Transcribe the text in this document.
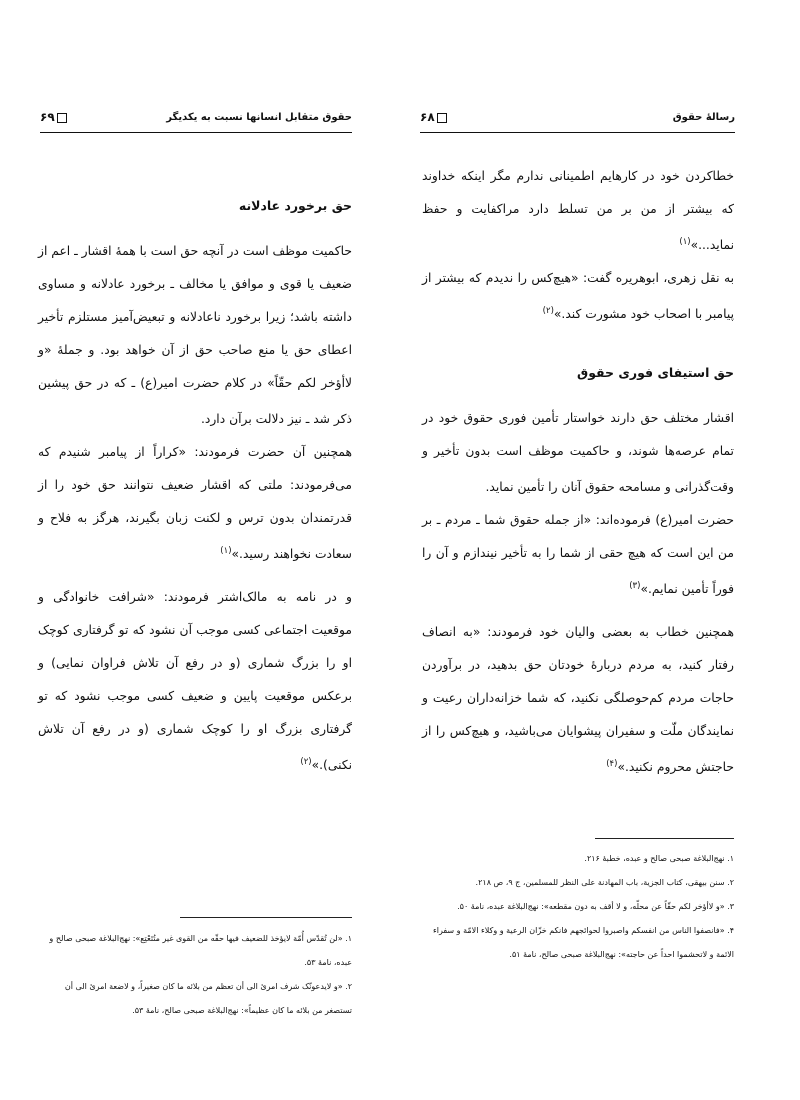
حقوق متقابل انسانها نسبت به یکدیگر
۶۹
حق برخورد عادلانه

حاکمیت موظف است در آنچه حق است با همهٔ اقشار ـ اعم از ضعیف یا قوی و موافق یا مخالف ـ برخورد عادلانه و مساوی داشته باشد؛ زیرا برخورد ناعادلانه و تبعیض‌آمیز مستلزم تأخیر اعطای حق یا منع صاحب حق از آن خواهد بود. و جملهٔ «و لاأؤخر لکم حقّاً» در کلام حضرت امیر(ع) ـ که در حق پیشین ذکر شد ـ نیز دلالت برآن دارد.

همچنین آن حضرت فرمودند: «کراراً از پیامبر شنیدم که می‌فرمودند: ملتی که اقشار ضعیف نتوانند حق خود را از قدرتمندان بدون ترس و لکنت زبان بگیرند، هرگز به فلاح و سعادت نخواهند رسید.»$^{(۱)}$

و در نامه به مالک‌اشتر فرمودند: «شرافت خانوادگی و موقعیت اجتماعی کسی موجب آن نشود که تو گرفتاری کوچک او را بزرگ شماری (و در رفع آن تلاش فراوان نمایی) و برعکس موقعیت پایین و ضعیف کسی موجب نشود که تو گرفتاری بزرگ او را کوچک شماری (و در رفع آن تلاش نکنی).»$^{(۲)}$

۱. «لن تُقدّس أُمّة لایؤخذ للضعیف فیها حقّه من القوی غیر متُتَعْتِع»: نهج‌البلاغة صبحی صالح و عبده، نامهٔ ۵۳.
۲. «و لایدعونّک شرف امرئ الی أن تعظم من بلائه ما کان صغیراً، و لاضعة امرئ الی أن تستصغر من بلائه ما کان عظیماً»: نهج‌البلاغة صبحی صالح، نامهٔ ۵۳.
رسالهٔ حقوق
۶۸

خطاکردن خود در کارهایم اطمینانی ندارم مگر اینکه خداوند که بیشتر از من بر من تسلط دارد مراکفایت و حفظ نماید...»$^{(۱)}$

به نقل زهری، ابوهریره گفت: «هیچ‌کس را ندیدم که بیشتر از پیامبر با اصحاب خود مشورت کند.»$^{(۲)}$

حق استیفای فوری حقوق

اقشار مختلف حق دارند خواستار تأمین فوری حقوق خود در تمام عرصه‌ها شوند، و حاکمیت موظف است بدون تأخیر و وقت‌گذرانی و مسامحه حقوق آنان را تأمین نماید.

حضرت امیر(ع) فرموده‌اند: «از جمله حقوق شما ـ مردم ـ بر من این است که هیچ حقی از شما را به تأخیر نیندازم و آن را فوراً تأمین نمایم.»$^{(۳)}$

همچنین خطاب به بعضی والیان خود فرمودند: «به انصاف رفتار کنید، به مردم دربارهٔ خودتان حق بدهید، در برآوردن حاجات مردم کم‌حوصلگی نکنید، که شما خزانه‌داران رعیت و نمایندگان ملّت و سفیران پیشوایان می‌باشید، و هیچ‌کس را از حاجتش محروم نکنید.»$^{(۴)}$

۱. نهج‌البلاغة صبحی صالح و عبده، خطبهٔ ۲۱۶.
۲. سنن بیهقی، کتاب الجزیة، باب المهادنة علی النظر للمسلمین، ج ۹، ص ۲۱۸.
۳. «و لاأؤخر لکم حقّاً عن محلّه، و لا أقف به دون مقطعه»: نهج‌البلاغة عبده، نامهٔ ۵۰.
۴. «فانصفوا الناس من انفسکم واصبروا لحوائجهم فانکم خزّان الرعیة و وکلاء الامّة و سفراء الائمة و لاتحشموا احداً عن حاجته»: نهج‌البلاغة صبحی صالح، نامهٔ ۵۱.
